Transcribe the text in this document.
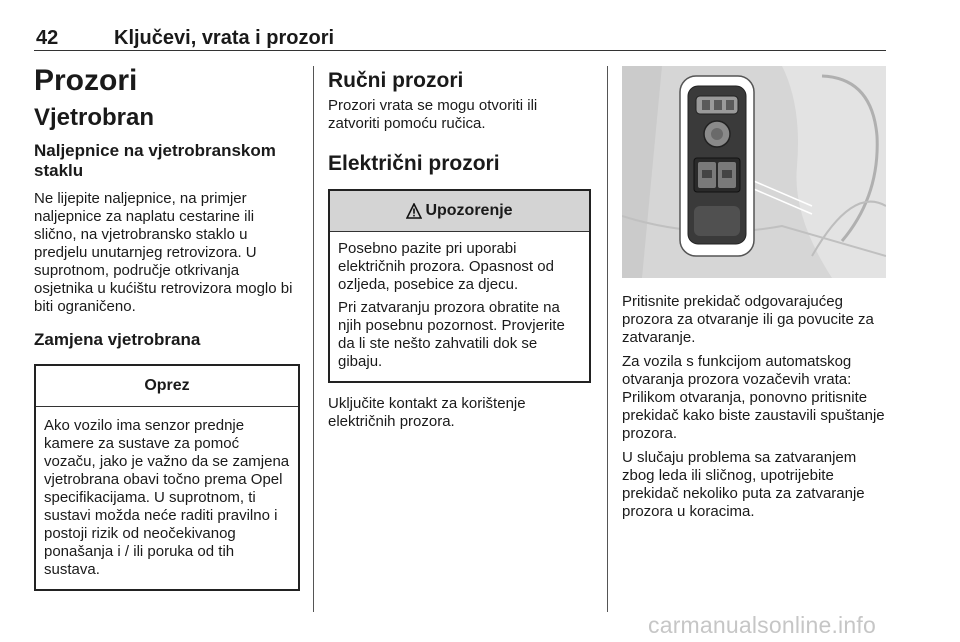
42	Ključevi, vrata i prozori
Prozori
Vjetrobran
Naljepnice na vjetrobranskom staklu

Ne lijepite naljepnice, na primjer naljepnice za naplatu cestarine ili slično, na vjetrobransko staklo u predjelu unutarnjeg retrovizora. U suprotnom, područje otkrivanja osjetnika u kućištu retrovizora moglo bi biti ograničeno.

Zamjena vjetrobrana
Oprez

Ako vozilo ima senzor prednje kamere za sustave za pomoć vozaču, jako je važno da se zamjena vjetrobrana obavi točno prema Opel specifikacijama. U suprotnom, ti sustavi možda neće raditi pravilno i postoji rizik od neočekivanog ponašanja i / ili poruka od tih sustava.

Ručni prozori

Prozori vrata se mogu otvoriti ili zatvoriti pomoću ručica.

Električni prozori
Upozorenje

Posebno pazite pri uporabi električnih prozora. Opasnost od ozljeda, posebice za djecu.

Pri zatvaranju prozora obratite na njih posebnu pozornost. Provjerite da li ste nešto zahvatili dok se gibaju.

Uključite kontakt za korištenje električnih prozora.

Pritisnite prekidač odgovarajućeg prozora za otvaranje ili ga povucite za zatvaranje.

Za vozila s funkcijom automatskog otvaranja prozora vozačevih vrata: Prilikom otvaranja, ponovno pritisnite prekidač kako biste zaustavili spuštanje prozora.

U slučaju problema sa zatvaranjem zbog leda ili sličnog, upotrijebite prekidač nekoliko puta za zatvaranje prozora u koracima.

carmanualsonline.info
